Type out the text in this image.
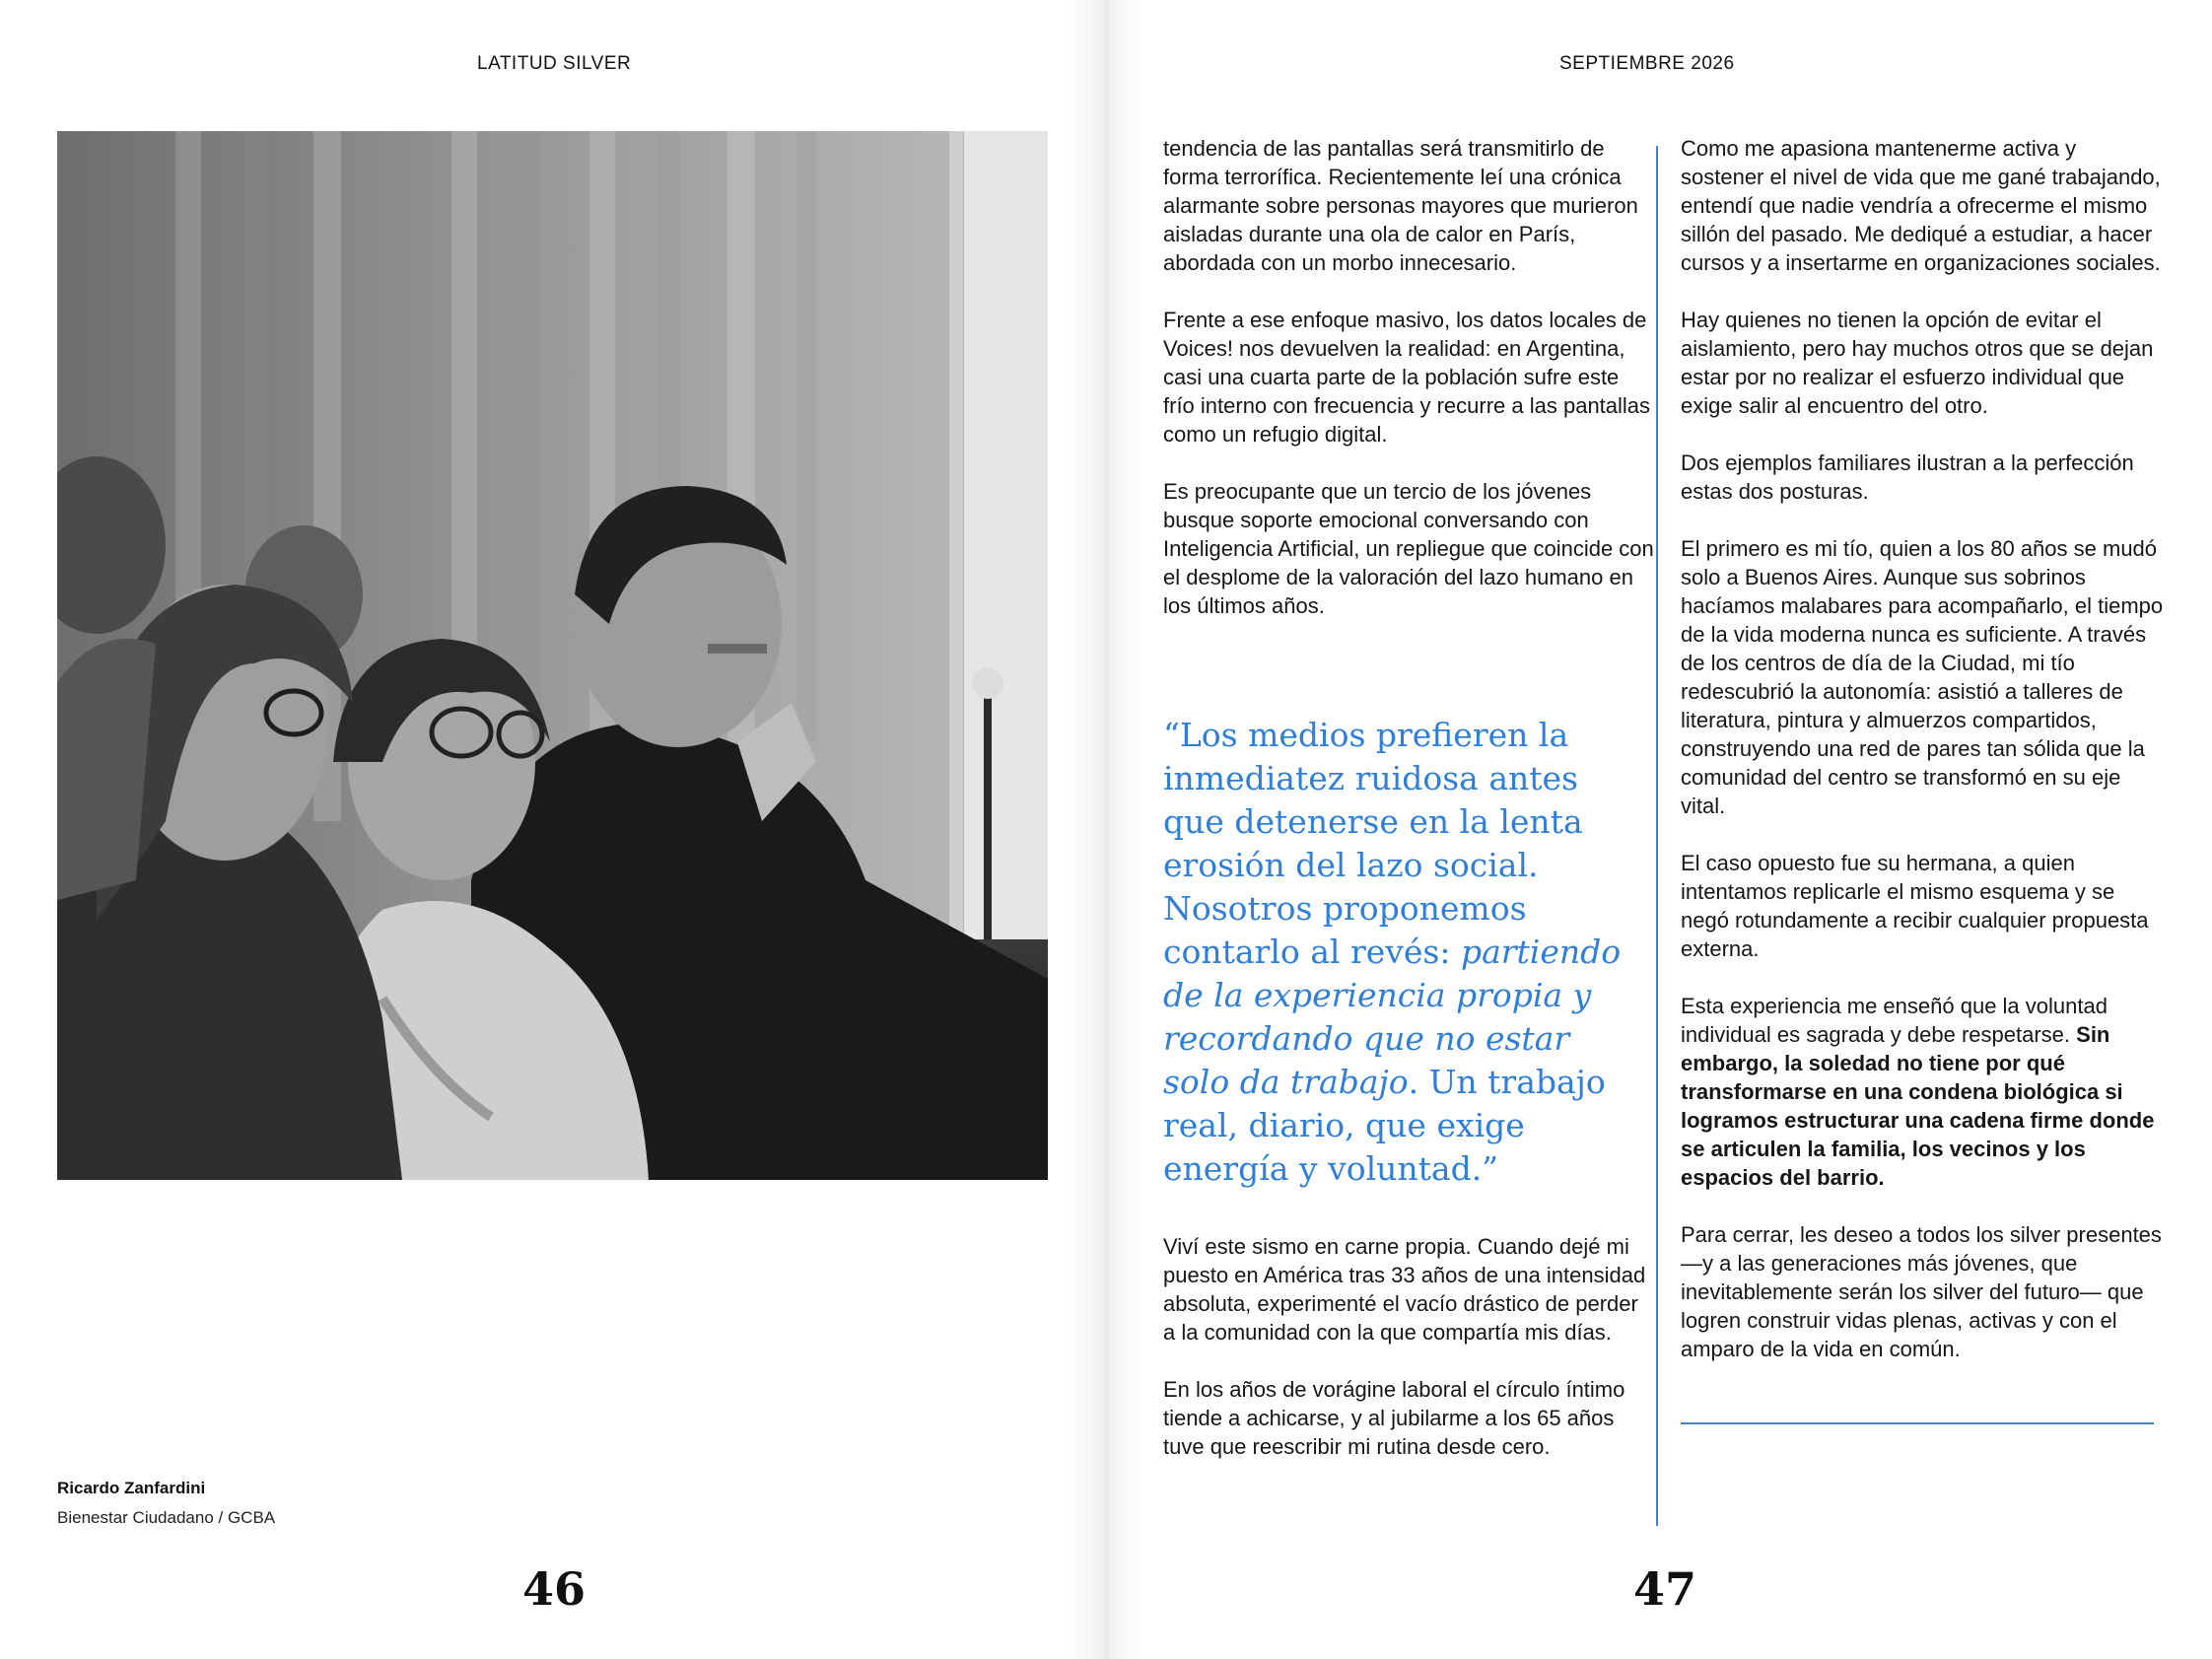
LATITUD SILVER
Ricardo Zanfardini
Bienestar Ciudadano / GCBA
46
SEPTIEMBRE 2026

tendencia de las pantallas será transmitirlo de forma terrorífica. Recientemente leí una crónica alarmante sobre personas mayores que murieron aisladas durante una ola de calor en París, abordada con un morbo innecesario.

Frente a ese enfoque masivo, los datos locales de Voices! nos devuelven la realidad: en Argentina, casi una cuarta parte de la población sufre este frío interno con frecuencia y recurre a las pantallas como un refugio digital.

Es preocupante que un tercio de los jóvenes busque soporte emocional conversando con Inteligencia Artificial, un repliegue que coincide con el desplome de la valoración del lazo humano en los últimos años.

“Los medios prefieren la inmediatez ruidosa antes que detenerse en la lenta erosión del lazo social. Nosotros proponemos contarlo al revés: partiendo de la experiencia propia y recordando que no estar solo da trabajo. Un trabajo real, diario, que exige energía y voluntad.”

Viví este sismo en carne propia. Cuando dejé mi puesto en América tras 33 años de una intensidad absoluta, experimenté el vacío drástico de perder a la comunidad con la que compartía mis días.

En los años de vorágine laboral el círculo íntimo tiende a achicarse, y al jubilarme a los 65 años tuve que reescribir mi rutina desde cero.

Como me apasiona mantenerme activa y sostener el nivel de vida que me gané trabajando, entendí que nadie vendría a ofrecerme el mismo sillón del pasado. Me dediqué a estudiar, a hacer cursos y a insertarme en organizaciones sociales.

Hay quienes no tienen la opción de evitar el aislamiento, pero hay muchos otros que se dejan estar por no realizar el esfuerzo individual que exige salir al encuentro del otro.

Dos ejemplos familiares ilustran a la perfección estas dos posturas.

El primero es mi tío, quien a los 80 años se mudó solo a Buenos Aires. Aunque sus sobrinos hacíamos malabares para acompañarlo, el tiempo de la vida moderna nunca es suficiente. A través de los centros de día de la Ciudad, mi tío redescubrió la autonomía: asistió a talleres de literatura, pintura y almuerzos compartidos, construyendo una red de pares tan sólida que la comunidad del centro se transformó en su eje vital.

El caso opuesto fue su hermana, a quien intentamos replicarle el mismo esquema y se negó rotundamente a recibir cualquier propuesta externa.

Esta experiencia me enseñó que la voluntad individual es sagrada y debe respetarse. Sin embargo, la soledad no tiene por qué transformarse en una condena biológica si logramos estructurar una cadena firme donde se articulen la familia, los vecinos y los espacios del barrio.

Para cerrar, les deseo a todos los silver presentes —y a las generaciones más jóvenes, que inevitablemente serán los silver del futuro— que logren construir vidas plenas, activas y con el amparo de la vida en común.

47
